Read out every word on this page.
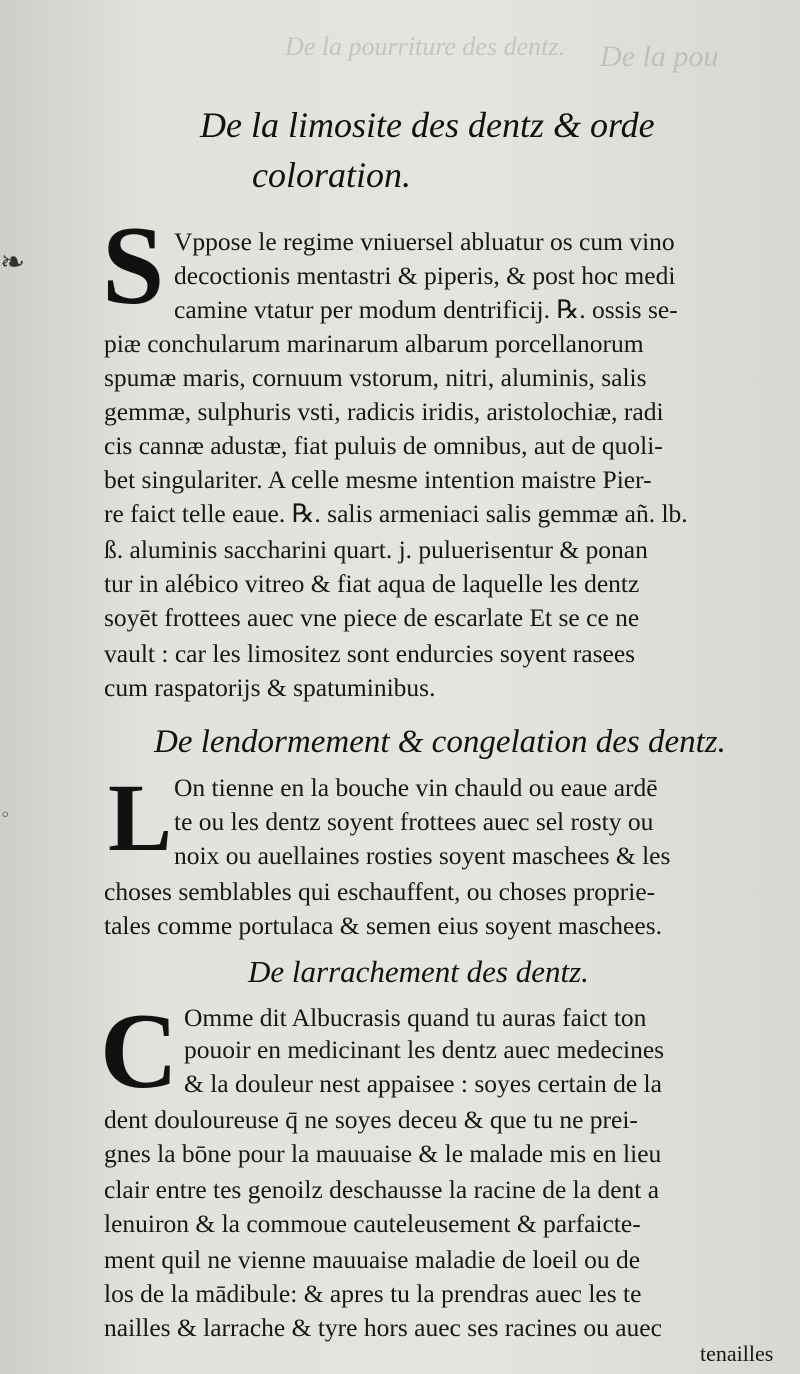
De la pourriture des dentz. De la pou
❧
◦
De la limosite des dentz & orde
coloration.
S Vppose le regime vniuersel abluatur os cum vino
decoctionis mentastri & piperis, & post hoc medi
camine vtatur per modum dentrificij. ℞. ossis se-
piæ conchularum marinarum albarum porcellanorum
spumæ maris, cornuum vstorum, nitri, aluminis, salis
gemmæ, sulphuris vsti, radicis iridis, aristolochiæ, radi
cis cannæ adustæ, fiat puluis de omnibus, aut de quoli-
bet singulariter. A celle mesme intention maistre Pier-
re faict telle eaue. ℞. salis armeniaci salis gemmæ añ. lb.
ß. aluminis saccharini quart. j. puluerisentur & ponan
tur in alébico vitreo & fiat aqua de laquelle les dentz
soyēt frottees auec vne piece de escarlate Et se ce ne
vault : car les limositez sont endurcies soyent rasees
cum raspatorijs & spatuminibus.
De lendormement & congelation des dentz.
L On tienne en la bouche vin chauld ou eaue ardē
te ou les dentz soyent frottees auec sel rosty ou
noix ou auellaines rosties soyent maschees & les
choses semblables qui eschauffent, ou choses proprie-
tales comme portulaca & semen eius soyent maschees.
De larrachement des dentz.
C Omme dit Albucrasis quand tu auras faict ton
pouoir en medicinant les dentz auec medecines
& la douleur nest appaisee : soyes certain de la
dent douloureuse q̄ ne soyes deceu & que tu ne prei-
gnes la bōne pour la mauuaise & le malade mis en lieu
clair entre tes genoilz deschausse la racine de la dent a
lenuiron & la commoue cauteleusement & parfaicte-
ment quil ne vienne mauuaise maladie de loeil ou de
los de la mādibule: & apres tu la prendras auec les te
nailles & larrache & tyre hors auec ses racines ou auec
tenailles
